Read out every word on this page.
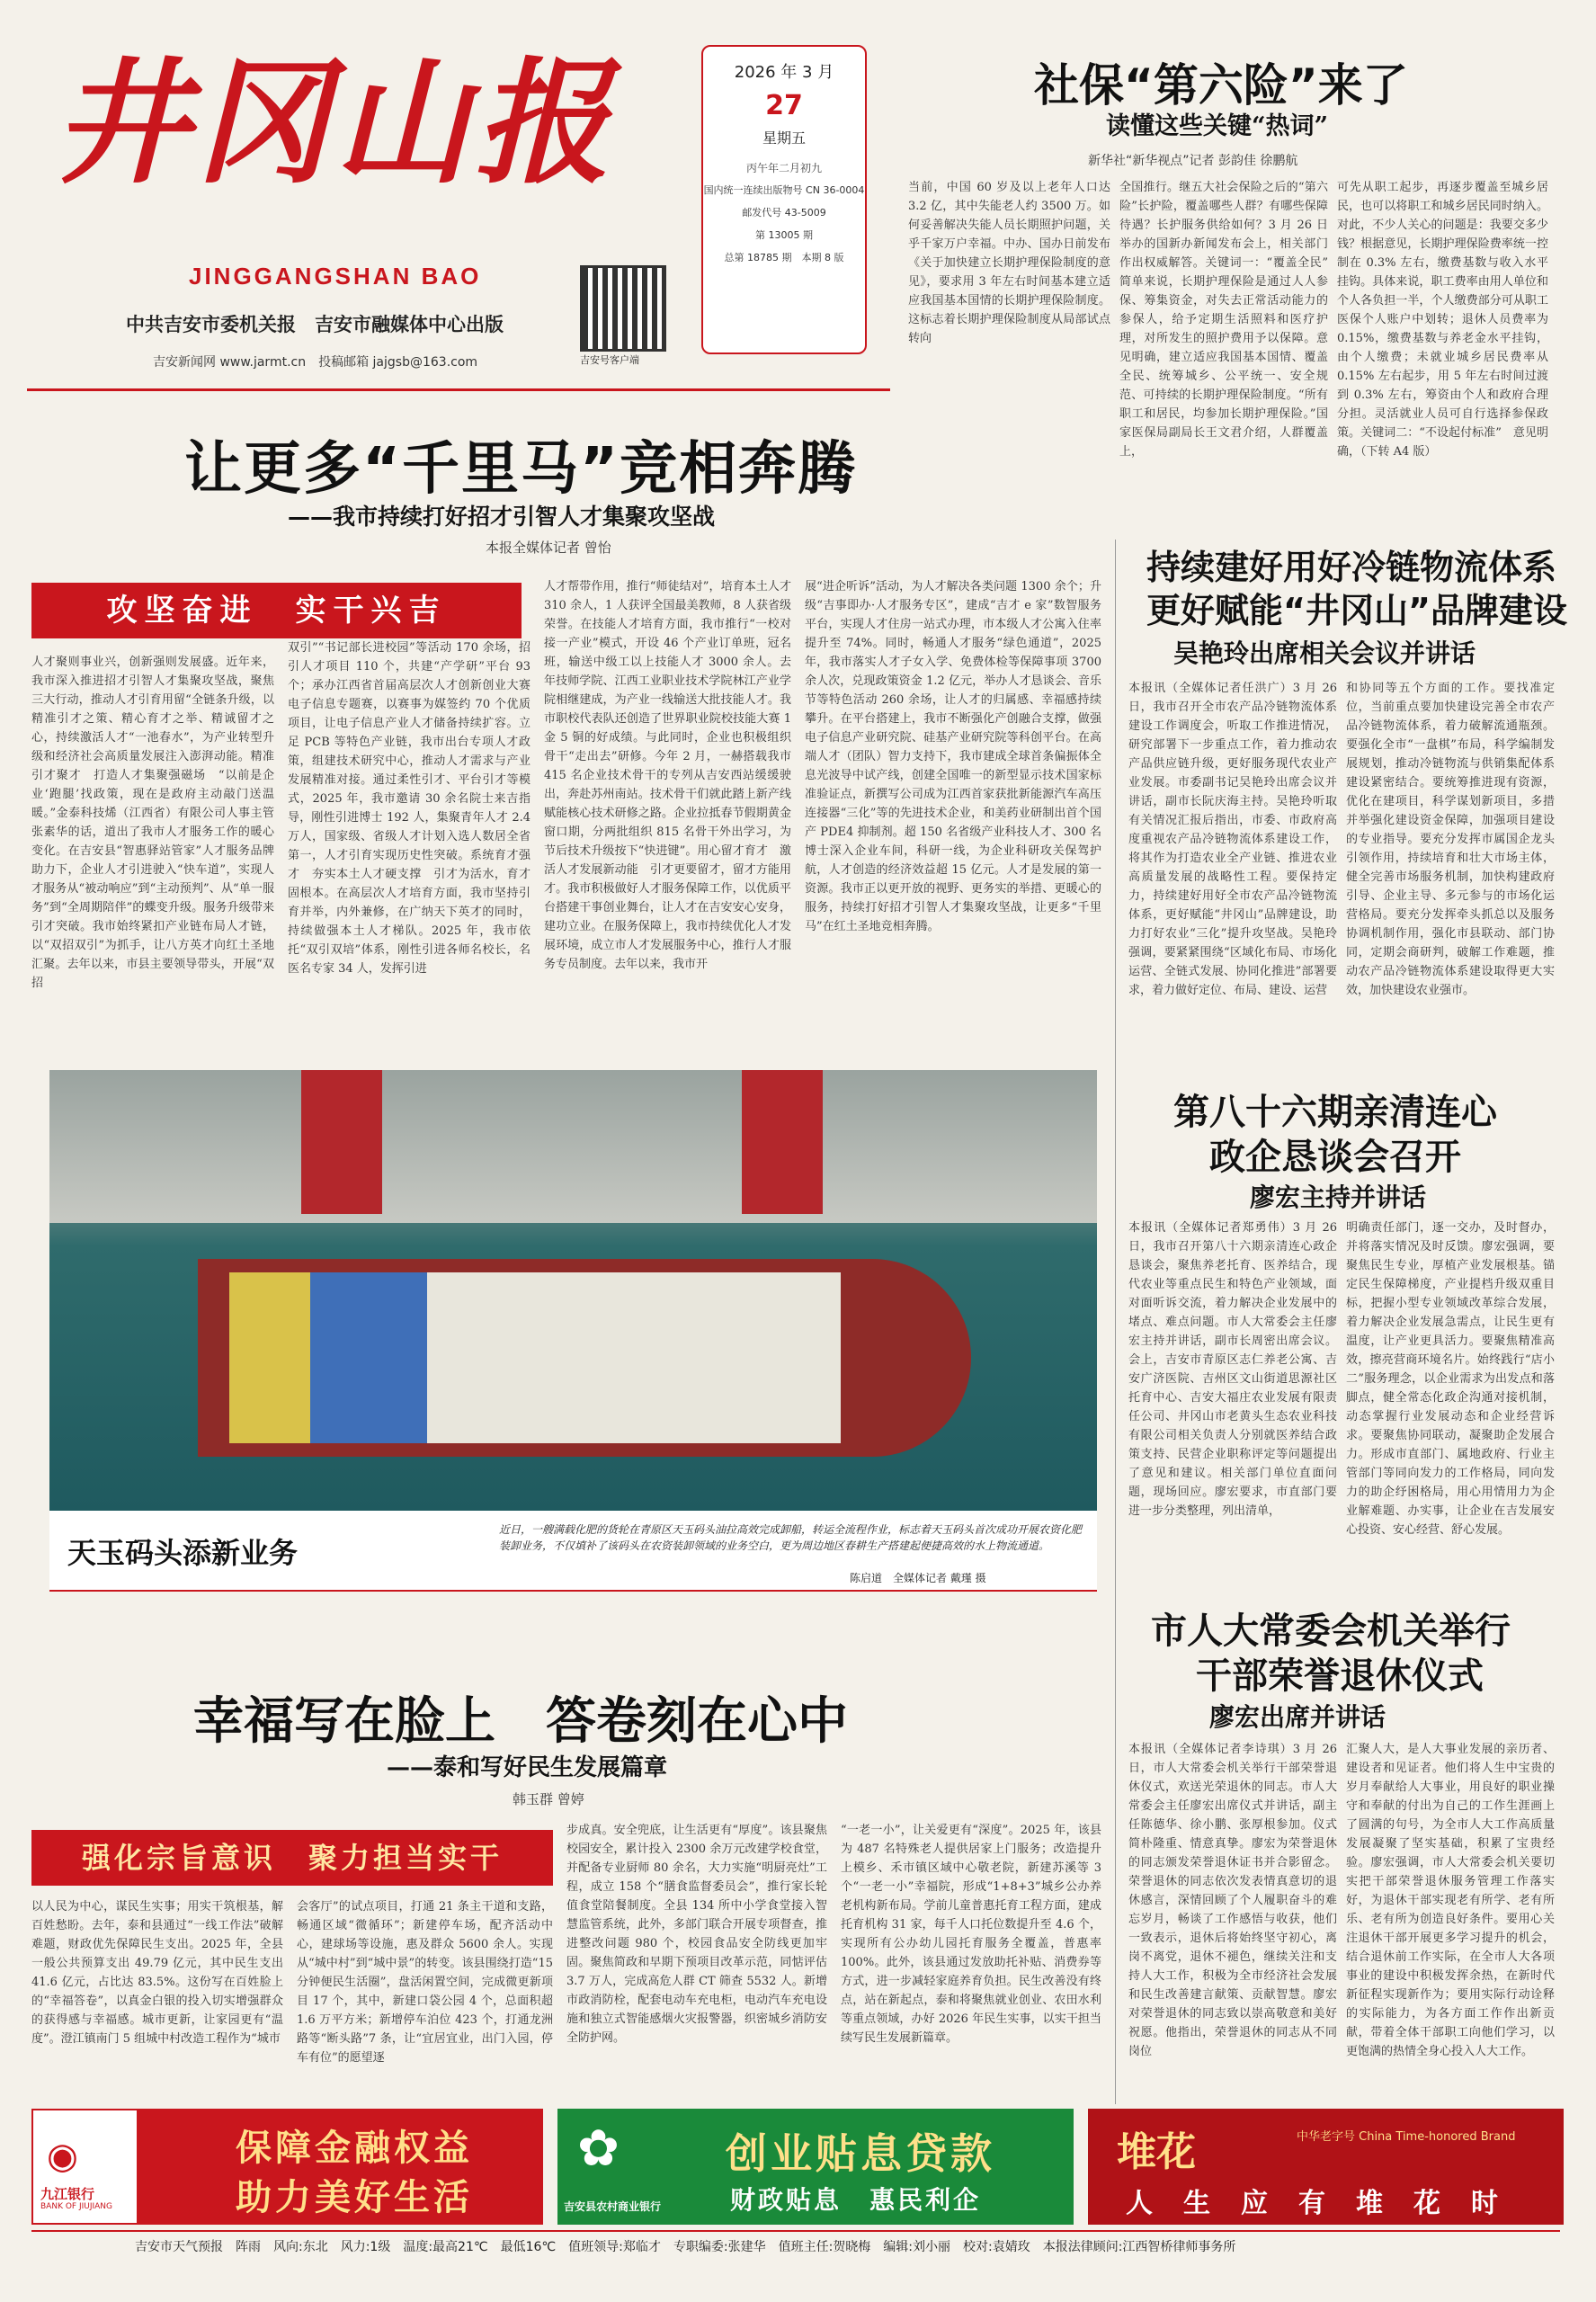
井冈山报
JINGGANGSHAN BAO
中共吉安市委机关报　吉安市融媒体中心出版
吉安新闻网 www.jarmt.cn　投稿邮箱 jajgsb@163.com	吉安号客户端
2026 年 3 月
27
星期五
丙午年二月初九
国内统一连续出版物号 CN 36-0004
邮发代号 43-5009
第 13005 期
总第 18785 期　本期 8 版
社保“第六险”来了
读懂这些关键“热词”
新华社“新华视点”记者 彭韵佳 徐鹏航
当前，中国 60 岁及以上老年人口达 3.2 亿，其中失能老人约 3500 万。如何妥善解决失能人员长期照护问题，关乎千家万户幸福。中办、国办日前发布《关于加快建立长期护理保险制度的意见》，要求用 3 年左右时间基本建立适应我国基本国情的长期护理保险制度。这标志着长期护理保险制度从局部试点转向
全国推行。继五大社会保险之后的“第六险”长护险，覆盖哪些人群？有哪些保障待遇？长护服务供给如何？3 月 26 日举办的国新办新闻发布会上，相关部门作出权威解答。关键词一：“覆盖全民”　简单来说，长期护理保险是通过人人参保、筹集资金，对失去正常活动能力的参保人，给予定期生活照料和医疗护理，对所发生的照护费用予以保障。意见明确，建立适应我国基本国情、覆盖全民、统筹城乡、公平统一、安全规范、可持续的长期护理保险制度。“所有职工和居民，均参加长期护理保险。”国家医保局副局长王文君介绍，人群覆盖上，
可先从职工起步，再逐步覆盖至城乡居民，也可以将职工和城乡居民同时纳入。对此，不少人关心的问题是：我要交多少钱？根据意见，长期护理保险费率统一控制在 0.3% 左右，缴费基数与收入水平挂钩。具体来说，职工费率由用人单位和个人各负担一半，个人缴费部分可从职工医保个人账户中划转；退休人员费率为 0.15%，缴费基数与养老金水平挂钩，由个人缴费；未就业城乡居民费率从 0.15% 左右起步，用 5 年左右时间过渡到 0.3% 左右，筹资由个人和政府合理分担。灵活就业人员可自行选择参保政策。关键词二：“不设起付标准”　意见明确，（下转 A4 版）
让更多“千里马”竞相奔腾
——我市持续打好招才引智人才集聚攻坚战
本报全媒体记者 曾怡
攻坚奋进　实干兴吉
人才聚则事业兴，创新强则发展盛。近年来，我市深入推进招才引智人才集聚攻坚战，聚焦三大行动，推动人才引育用留“全链条升级，以精准引才之策、精心育才之举、精诚留才之心，持续激活人才“一池春水”，为产业转型升级和经济社会高质量发展注入澎湃动能。精准引才聚才　打造人才集聚强磁场　“以前是企业‘跑腿’找政策，现在是政府主动敲门送温暖。”金泰科技烯（江西省）有限公司人事主管张素华的话，道出了我市人才服务工作的暖心变化。在吉安县“智惠驿站管家”人才服务品牌助力下，企业人才引进驶入“快车道”，实现人才服务从“被动响应”到“主动预判”、从“单一服务”到“全周期陪伴”的蝶变升级。服务升级带来引才突破。我市始终紧扣产业链布局人才链，以“双招双引”为抓手，让八方英才向红土圣地汇聚。去年以来，市县主要领导带头，开展“双招
双引”“书记部长进校园”等活动 170 余场，招引人才项目 110 个，共建“产学研”平台 93 个；承办江西省首届高层次人才创新创业大赛电子信息专题赛，以赛事为媒签约 70 个优质项目，让电子信息产业人才储备持续扩容。立足 PCB 等特色产业链，我市出台专项人才政策，组建技术研究中心，推动人才需求与产业发展精准对接。通过柔性引才、平台引才等模式，2025 年，我市邀请 30 余名院士来吉指导，刚性引进博士 192 人，集聚青年人才 2.4 万人，国家级、省级人才计划入选人数居全省第一，人才引育实现历史性突破。系统育才强才　夯实本土人才硬支撑　引才为活水，育才固根本。在高层次人才培育方面，我市坚持引育并举，内外兼修，在广纳天下英才的同时，持续做强本土人才梯队。2025 年，我市依托“双引双培”体系，刚性引进各师名校长，名医名专家 34 人，发挥引进
人才帮带作用，推行“师徒结对”，培育本土人才 310 余人，1 人获评全国最美教师，8 人获省级荣誉。在技能人才培育方面，我市推行“一校对接一产业”模式，开设 46 个产业订单班，冠名班，输送中级工以上技能人才 3000 余人。去年技师学院、江西工业职业技术学院林江产业学院相继建成，为产业一线输送大批技能人才。我市职校代表队还创造了世界职业院校技能大赛 1 金 5 铜的好成绩。与此同时，企业也积极组织骨干“走出去”研修。今年 2 月，一赫搭载我市 415 名企业技术骨干的专列从吉安西站缓缓驶出，奔赴苏州南站。技术骨干们就此踏上新产线赋能核心技术研修之路。企业拉抵春节假期黄金窗口期，分两批组织 815 名骨干外出学习，为节后技术升级按下“快进键”。用心留才育才　激活人才发展新动能　引才更要留才，留才方能用才。我市积极做好人才服务保障工作，以优质平台搭建干事创业舞台，让人才在吉安安心安身，建功立业。在服务保障上，我市持续优化人才发展环境，成立市人才发展服务中心，推行人才服务专员制度。去年以来，我市开
展“进企听诉”活动，为人才解决各类问题 1300 余个；升级“吉事即办·人才服务专区”，建成“吉才 e 家”数智服务平台，实现人才住房一站式办理，市本级人才公寓入住率提升至 74%。同时，畅通人才服务“绿色通道”，2025 年，我市落实人才子女入学、免费体检等保障事项 3700 余人次，兑现政策资金 1.2 亿元，举办人才恳谈会、音乐节等特色活动 260 余场，让人才的归属感、幸福感持续攀升。在平台搭建上，我市不断强化产创融合支撑，做强电子信息产业研究院、硅基产业研究院等科创平台。在高端人才（团队）智力支持下，我市建成全球首条偏振体全息光波导中试产线，创建全国唯一的新型显示技术国家标准验证点，新撰写公司成为江西首家获批新能源汽车高压连接器“三化”等的先进技术企业，和美药业研制出首个国产 PDE4 抑制剂。超 150 名省级产业科技人才、300 名博士深入企业车间，科研一线，为企业科研攻关保驾护航，人才创造的经济效益超 15 亿元。人才是发展的第一资源。我市正以更开放的视野、更务实的举措、更暖心的服务，持续打好招才引智人才集聚攻坚战，让更多“千里马”在红土圣地竞相奔腾。
持续建好用好冷链物流体系
更好赋能“井冈山”品牌建设
吴艳玲出席相关会议并讲话
本报讯（全媒体记者任洪广）3 月 26 日，我市召开全市农产品冷链物流体系建设工作调度会，听取工作推进情况，研究部署下一步重点工作，着力推动农产品供应链升级，更好服务现代农业产业发展。市委副书记吴艳玲出席会议并讲话，副市长阮庆海主持。吴艳玲听取有关情况汇报后指出，市委、市政府高度重视农产品冷链物流体系建设工作，将其作为打造农业全产业链、推进农业高质量发展的战略性工程。要保持定力，持续建好用好全市农产品冷链物流体系，更好赋能“井冈山”品牌建设，助力打好农业“三化”提升攻坚战。吴艳玲强调，要紧紧围绕“区域化布局、市场化运营、全链式发展、协同化推进”部署要求，着力做好定位、布局、建设、运营
和协同等五个方面的工作。要找准定位，当前重点要加快建设完善全市农产品冷链物流体系，着力破解流通瓶颈。要强化全市“一盘棋”布局，科学编制发展规划，推动冷链物流与供销集配体系建设紧密结合。要统筹推进现有资源，优化在建项目，科学谋划新项目，多措并举强化建设资金保障，加强项目建设的专业指导。要充分发挥市属国企龙头引领作用，持续培育和壮大市场主体，健全完善市场服务机制，加快构建政府引导、企业主导、多元参与的市场化运营格局。要充分发挥牵头抓总以及服务协调机制作用，强化市县联动、部门协同，定期会商研判，破解工作难题，推动农产品冷链物流体系建设取得更大实效，加快建设农业强市。
天玉码头添新业务
近日，一艘满载化肥的货轮在青原区天玉码头油拉高效完成卸船，转运全流程作业，标志着天玉码头首次成功开展农资化肥装卸业务，不仅填补了该码头在农资装卸领域的业务空白，更为周边地区春耕生产搭建起便捷高效的水上物流通道。
陈启道　全媒体记者 戴瑾 摄
第八十六期亲清连心
政企恳谈会召开
廖宏主持并讲话
本报讯（全媒体记者郑勇伟）3 月 26 日，我市召开第八十六期亲清连心政企恳谈会，聚焦养老托育、医养结合，现代农业等重点民生和特色产业领域，面对面听诉交流，着力解决企业发展中的堵点、难点问题。市人大常委会主任廖宏主持并讲话，副市长周密出席会议。会上，吉安市青原区志仁养老公寓、吉安广济医院、吉州区文山街道思源社区托育中心、吉安大福庄农业发展有限责任公司、井冈山市老黄头生态农业科技有限公司相关负责人分别就医养结合政策支持、民营企业职称评定等问题提出了意见和建议。相关部门单位直面问题，现场回应。廖宏要求，市直部门要进一步分类整理，列出清单，
明确责任部门，逐一交办，及时督办，并将落实情况及时反馈。廖宏强调，要聚焦民生专业，厚植产业发展根基。锚定民生保障梯度，产业提档升级双重目标，把握小型专业领域改革综合发展，着力解决企业发展急需点，让民生更有温度，让产业更具活力。要聚焦精准高效，擦亮营商环境名片。始终践行“店小二”服务理念，以企业需求为出发点和落脚点，健全常态化政企沟通对接机制，动态掌握行业发展动态和企业经营诉求。要聚焦协同联动，凝聚助企发展合力。形成市直部门、属地政府、行业主管部门等同向发力的工作格局，同向发力的助企纾困格局，用心用情用力为企业解难题、办实事，让企业在吉发展安心投资、安心经营、舒心发展。
市人大常委会机关举行
干部荣誉退休仪式
廖宏出席并讲话
本报讯（全媒体记者李诗琪）3 月 26 日，市人大常委会机关举行干部荣誉退休仪式，欢送光荣退休的同志。市人大常委会主任廖宏出席仪式并讲话，副主任陈德华、徐小鹏、张厚根参加。仪式简朴隆重、情意真挚。廖宏为荣誉退休的同志颁发荣誉退休证书并合影留念。荣誉退休的同志依次发表情真意切的退休感言，深情回顾了个人履职奋斗的难忘岁月，畅谈了工作感悟与收获，他们一致表示，退休后将始终坚守初心，离岗不离党，退休不褪色，继续关注和支持人大工作，积极为全市经济社会发展和民生改善建言献策、贡献智慧。廖宏对荣誉退休的同志致以崇高敬意和美好祝愿。他指出，荣誉退休的同志从不同岗位
汇聚人大，是人大事业发展的亲历者、建设者和见证者。他们将人生中宝贵的岁月奉献给人大事业，用良好的职业操守和奉献的付出为自己的工作生涯画上了圆满的句号，为全市人大工作高质量发展凝聚了坚实基础，积累了宝贵经验。廖宏强调，市人大常委会机关要切实把干部荣誉退休服务管理工作落实好，为退休干部实现老有所学、老有所乐、老有所为创造良好条件。要用心关注退休干部开展更多学习提升的机会，结合退休前工作实际，在全市人大各项事业的建设中积极发挥余热，在新时代新征程实现新作为；要用实际行动诠释的实际能力，为各方面工作作出新贡献，带着全体干部职工向他们学习，以更饱满的热情全身心投入人大工作。
幸福写在脸上　答卷刻在心中
——泰和写好民生发展篇章
韩玉群 曾婷
强化宗旨意识　聚力担当实干
以人民为中心，谋民生实事；用实干筑根基，解百姓愁盼。去年，泰和县通过“一线工作法”破解难题，财政优先保障民生支出。2025 年，全县一般公共预算支出 49.79 亿元，其中民生支出 41.6 亿元，占比达 83.5%。这份写在百姓脸上的“幸福答卷”，以真金白银的投入切实增强群众的获得感与幸福感。城市更新，让家园更有“温度”。澄江镇南门 5 组城中村改造工程作为“城市
会客厅”的试点项目，打通 21 条主干道和支路，畅通区域“微循环”；新建停车场，配齐活动中心，建球场等设施，惠及群众 5600 余人。实现从“城中村”到“城中景”的转变。该县围绕打造“15 分钟便民生活圈”，盘活闲置空间，完成微更新项目 17 个，其中，新建口袋公园 4 个，总面积超 1.6 万平方米；新增停车泊位 423 个，打通龙洲路等“断头路”7 条，让“宜居宜业，出门入园，停车有位”的愿望逐
步成真。安全兜底，让生活更有“厚度”。该县聚焦校园安全，累计投入 2300 余万元改建学校食堂，并配备专业厨师 80 余名，大力实施“明厨亮灶”工程，成立 158 个“膳食监督委员会”，推行家长轮值食堂陪餐制度。全县 134 所中小学食堂接入智慧监管系统，此外，多部门联合开展专项督查，推进整改问题 980 个，校园食品安全防线更加牢固。聚焦简政和早期下预项目改革示范，同惦评估 3.7 万人，完成高危人群 CT 筛查 5532 人。新增市政消防栓，配套电动车充电柜，电动汽车充电设施和独立式智能感烟火灾报警器，织密城乡消防安全防护网。
“一老一小”，让关爱更有“深度”。2025 年，该县为 487 名特殊老人提供居家上门服务；改造提升上模乡、禾市镇区域中心敬老院，新建苏溪等 3 个“一老一小”幸福院，形成“1+8+3”城乡公办养老机构新布局。学前儿童普惠托育工程方面，建成托育机构 31 家，每千人口托位数提升至 4.6 个，实现所有公办幼儿园托育服务全覆盖，普惠率 100%。此外，该县通过发放助托补贴、消费券等方式，进一步减轻家庭养育负担。民生改善没有终点，站在新起点，泰和将聚焦就业创业、农田水利等重点领域，办好 2026 年民生实事，以实干担当续写民生发展新篇章。
◉
九江银行
BANK OF JIUJIANG
保障金融权益
助力美好生活
✿
吉安县农村商业银行
创业贴息贷款
财政贴息　惠民利企
堆花	中华老字号 China Time-honored Brand
人　生　应　有　堆　花　时
吉安市天气预报　阵雨　风向:东北　风力:1级　温度:最高21℃　最低16℃　值班领导:郑临才　专职编委:张建华　值班主任:贺晓梅　编辑:刘小丽　校对:袁婧玫　本报法律顾问:江西智桥律师事务所
